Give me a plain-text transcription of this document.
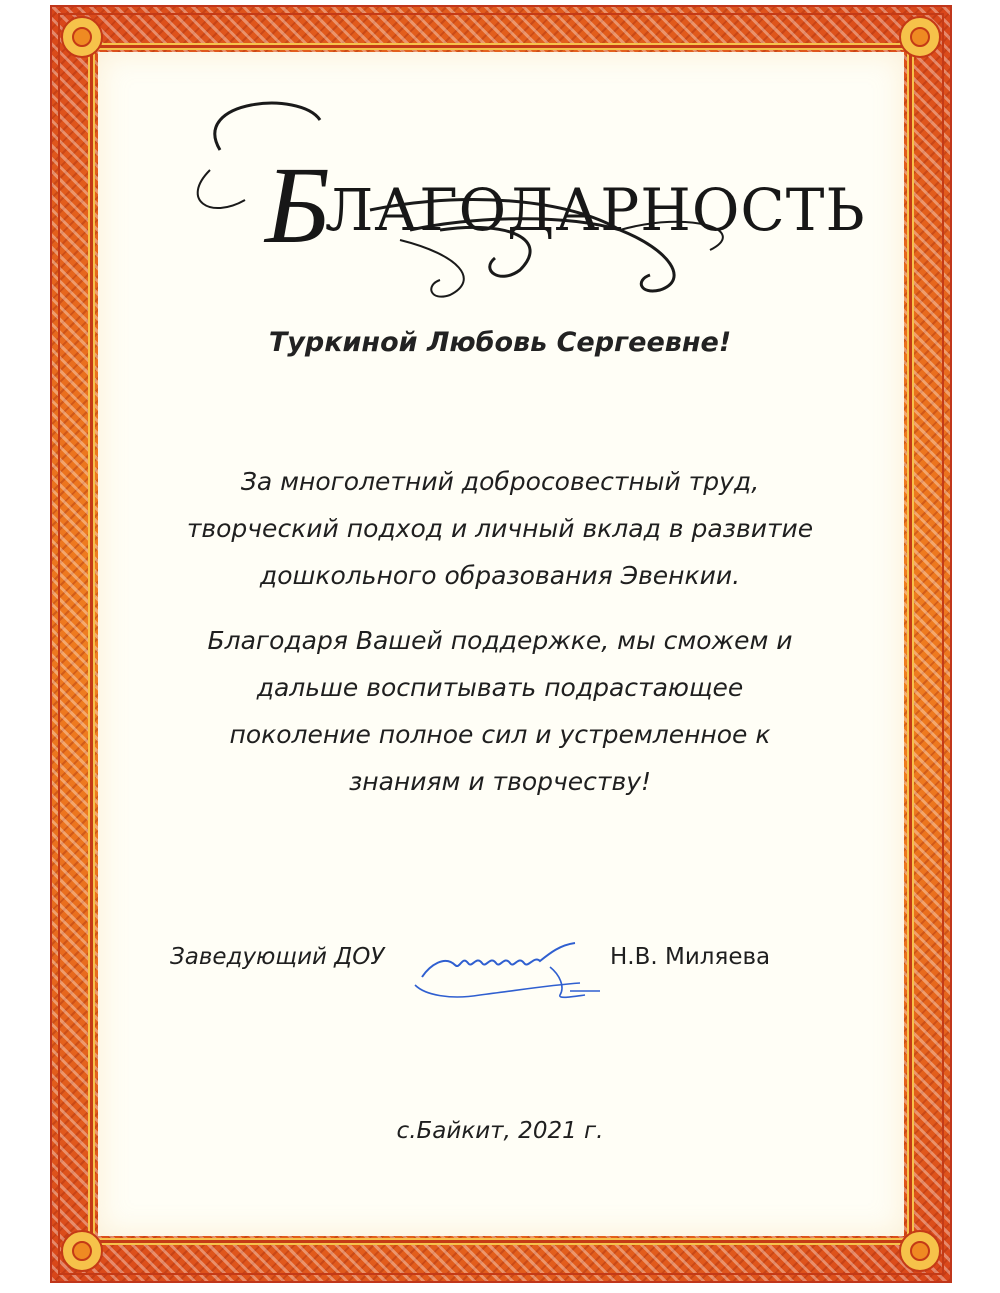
БЛАГОДАРНОСТЬ
Туркиной Любовь Сергеевне!
За многолетний добросовестный труд,
творческий подход и личный вклад в развитие
дошкольного образования Эвенкии.
Благодаря Вашей поддержке, мы сможем и
дальше воспитывать подрастающее
поколение полное сил и устремленное к
знаниям и творчеству!
Заведующий ДОУ	Н.В. Миляева
с.Байкит, 2021 г.
